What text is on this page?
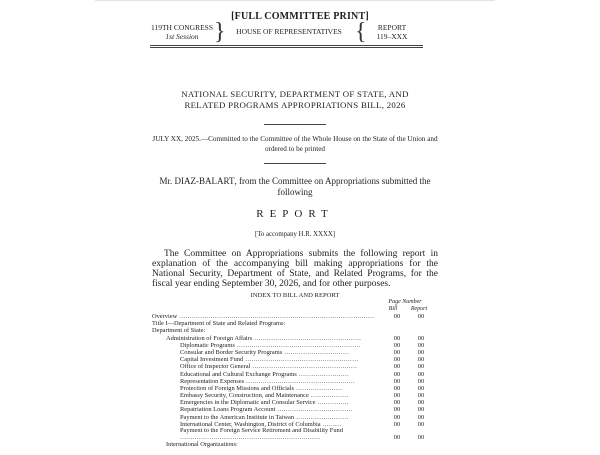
[FULL COMMITTEE PRINT]
119TH CONGRESS
1st Session }	HOUSE OF REPRESENTATIVES {	REPORT
119–XXX
NATIONAL SECURITY, DEPARTMENT OF STATE, AND
RELATED PROGRAMS APPROPRIATIONS BILL, 2026
JULY XX, 2025.—Committed to the Committee of the Whole House on the State of the Union and ordered to be printed
Mr. DIAZ-BALART, from the Committee on Appropriations submitted the following
REPORT
[To accompany H.R. XXXX]
The Committee on Appropriations submits the following report in explanation of the accompanying bill making appropriations for the National Security, Department of State, and Related Programs, for the fiscal year ending September 30, 2026, and for other purposes.
INDEX TO BILL AND REPORT
Page Number
Bill	Report
Overview .............................................................................................	00	00
Title I—Department of State and Related Programs:
Department of State:
Administration of Foreign Affairs ...................................................	00	00
Diplomatic Programs ...........................................................	00	00
Consular and Border Security Programs ...............................	00	00
Capital Investment Fund ......................................................	00	00
Office of Inspector General ..................................................	00	00
Educational and Cultural Exchange Programs ........................	00	00
Representation Expenses ....................................................	00	00
Protection of Foreign Missions and Officials ......................	00	00
Embassy Security, Construction, and Maintenance ..................	00	00
Emergencies in the Diplomatic and Consular Service ...............	00	00
Repatriation Loans Program Account ....................................	00	00
Payment to the American Institute in Taiwan .........................	00	00
International Center, Washington, District of Columbia .........	00	00
Payment to the Foreign Service Retirement and Disability Fund ...................................................................	00	00
International Organizations:
